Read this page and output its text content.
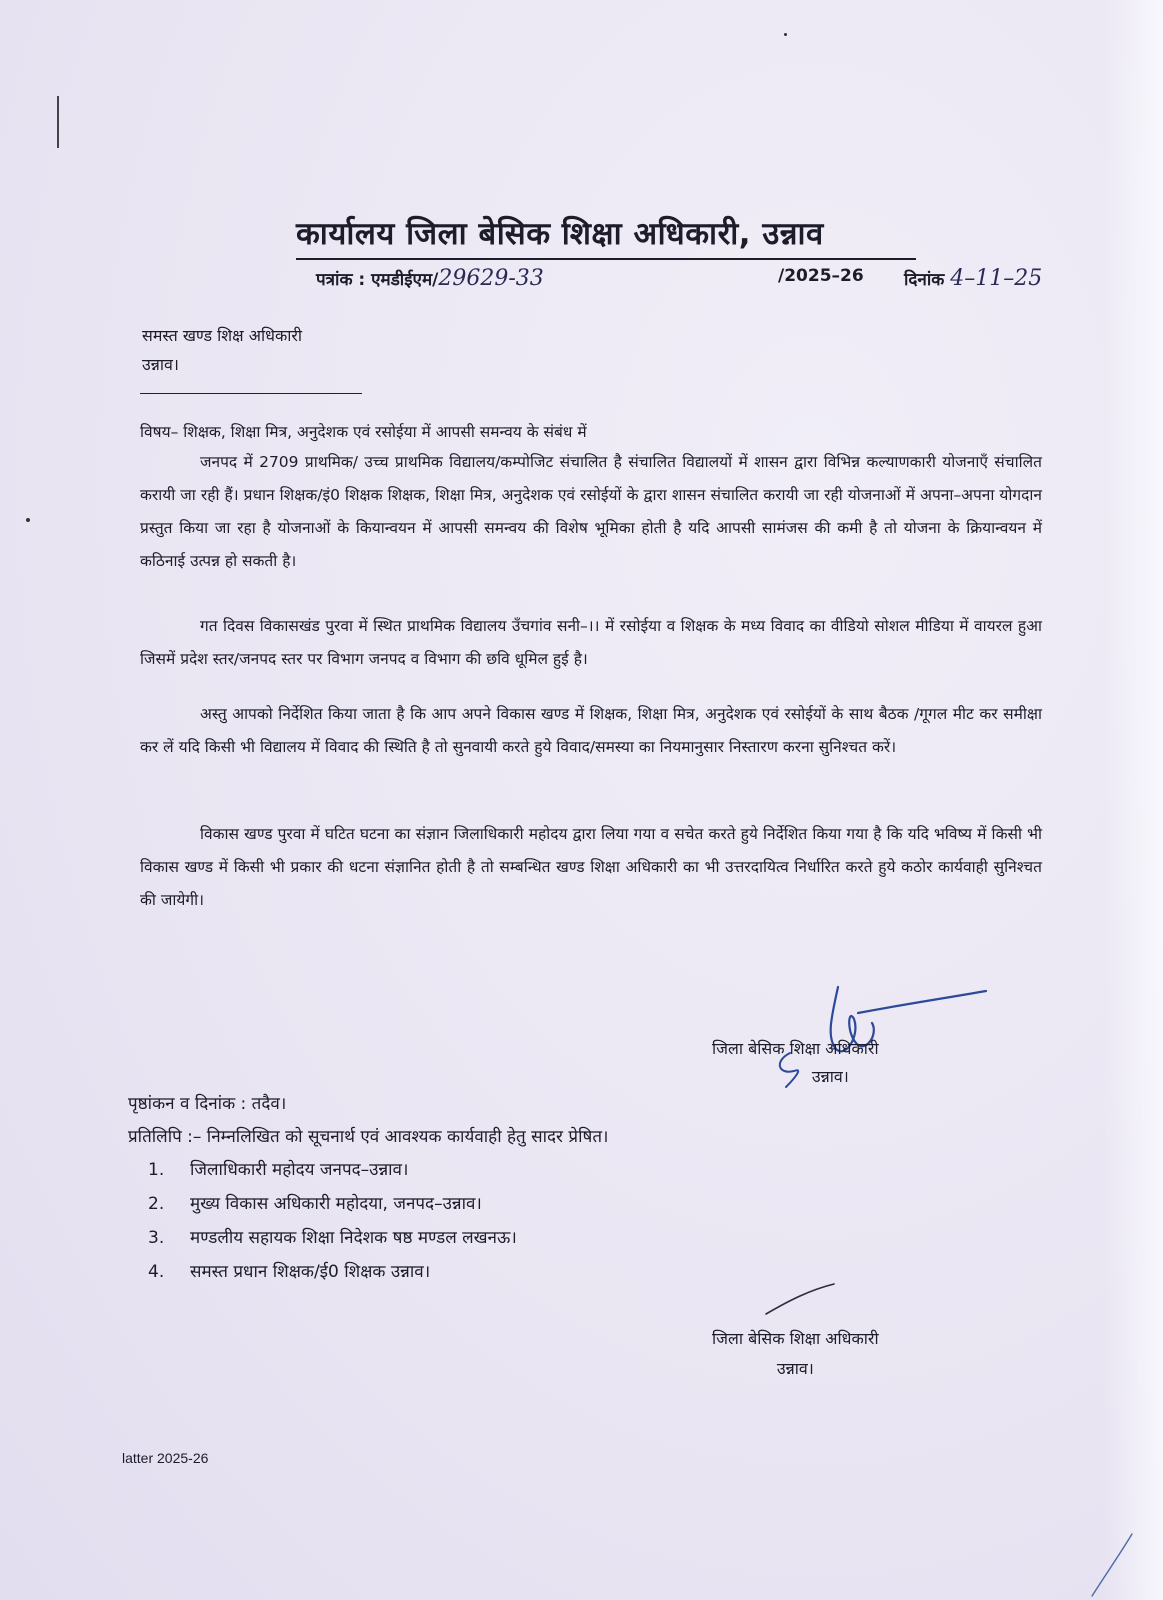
कार्यालय जिला बेसिक शिक्षा अधिकारी, उन्नाव
पत्रांक : एमडीईएम/29629-33	/2025–26 दिनांक 4–11–25
समस्त खण्ड शिक्ष अधिकारी
उन्नाव।
विषय– शिक्षक, शिक्षा मित्र, अनुदेशक एवं रसोईया में आपसी समन्वय के संबंध में

जनपद में 2709 प्राथमिक/ उच्च प्राथमिक विद्यालय/कम्पोजिट संचालित है संचालित विद्यालयों में शासन द्वारा विभिन्न कल्याणकारी योजनाएँ संचालित करायी जा रही हैं। प्रधान शिक्षक/इं0 शिक्षक शिक्षक, शिक्षा मित्र, अनुदेशक एवं रसोईयों के द्वारा शासन संचालित करायी जा रही योजनाओं में अपना–अपना योगदान प्रस्तुत किया जा रहा है योजनाओं के कियान्वयन में आपसी समन्वय की विशेष भूमिका होती है यदि आपसी सामंजस की कमी है तो योजना के क्रियान्वयन में कठिनाई उत्पन्न हो सकती है।

गत दिवस विकासखंड पुरवा में स्थित प्राथमिक विद्यालय उँचगांव सनी–।। में रसोईया व शिक्षक के मध्य विवाद का वीडियो सोशल मीडिया में वायरल हुआ जिसमें प्रदेश स्तर/जनपद स्तर पर विभाग जनपद व विभाग की छवि धूमिल हुई है।

अस्तु आपको निर्देशित किया जाता है कि आप अपने विकास खण्ड में शिक्षक, शिक्षा मित्र, अनुदेशक एवं रसोईयों के साथ बैठक /गूगल मीट कर समीक्षा कर लें यदि किसी भी विद्यालय में विवाद की स्थिति है तो सुनवायी करते हुये विवाद/समस्या का नियमानुसार निस्तारण करना सुनिश्चत करें।

विकास खण्ड पुरवा में घटित घटना का संज्ञान जिलाधिकारी महोदय द्वारा लिया गया व सचेत करते हुये निर्देशित किया गया है कि यदि भविष्य में किसी भी विकास खण्ड में किसी भी प्रकार की धटना संज्ञानित होती है तो सम्बन्धित खण्ड शिक्षा अधिकारी का भी उत्तरदायित्व निर्धारित करते हुये कठोर कार्यवाही सुनिश्चत की जायेगी।

जिला बेसिक शिक्षा अधिकारी
उन्नाव।
पृष्ठांकन व दिनांक : तदैव।
प्रतिलिपि :– निम्नलिखित को सूचनार्थ एवं आवश्यक कार्यवाही हेतु सादर प्रेषित।
1. जिलाधिकारी महोदय जनपद–उन्नाव।
2. मुख्य विकास अधिकारी महोदया, जनपद–उन्नाव।
3. मण्डलीय सहायक शिक्षा निदेशक षष्ठ मण्डल लखनऊ।
4. समस्त प्रधान शिक्षक/ई0 शिक्षक उन्नाव।
जिला बेसिक शिक्षा अधिकारी
उन्नाव।
latter 2025-26
